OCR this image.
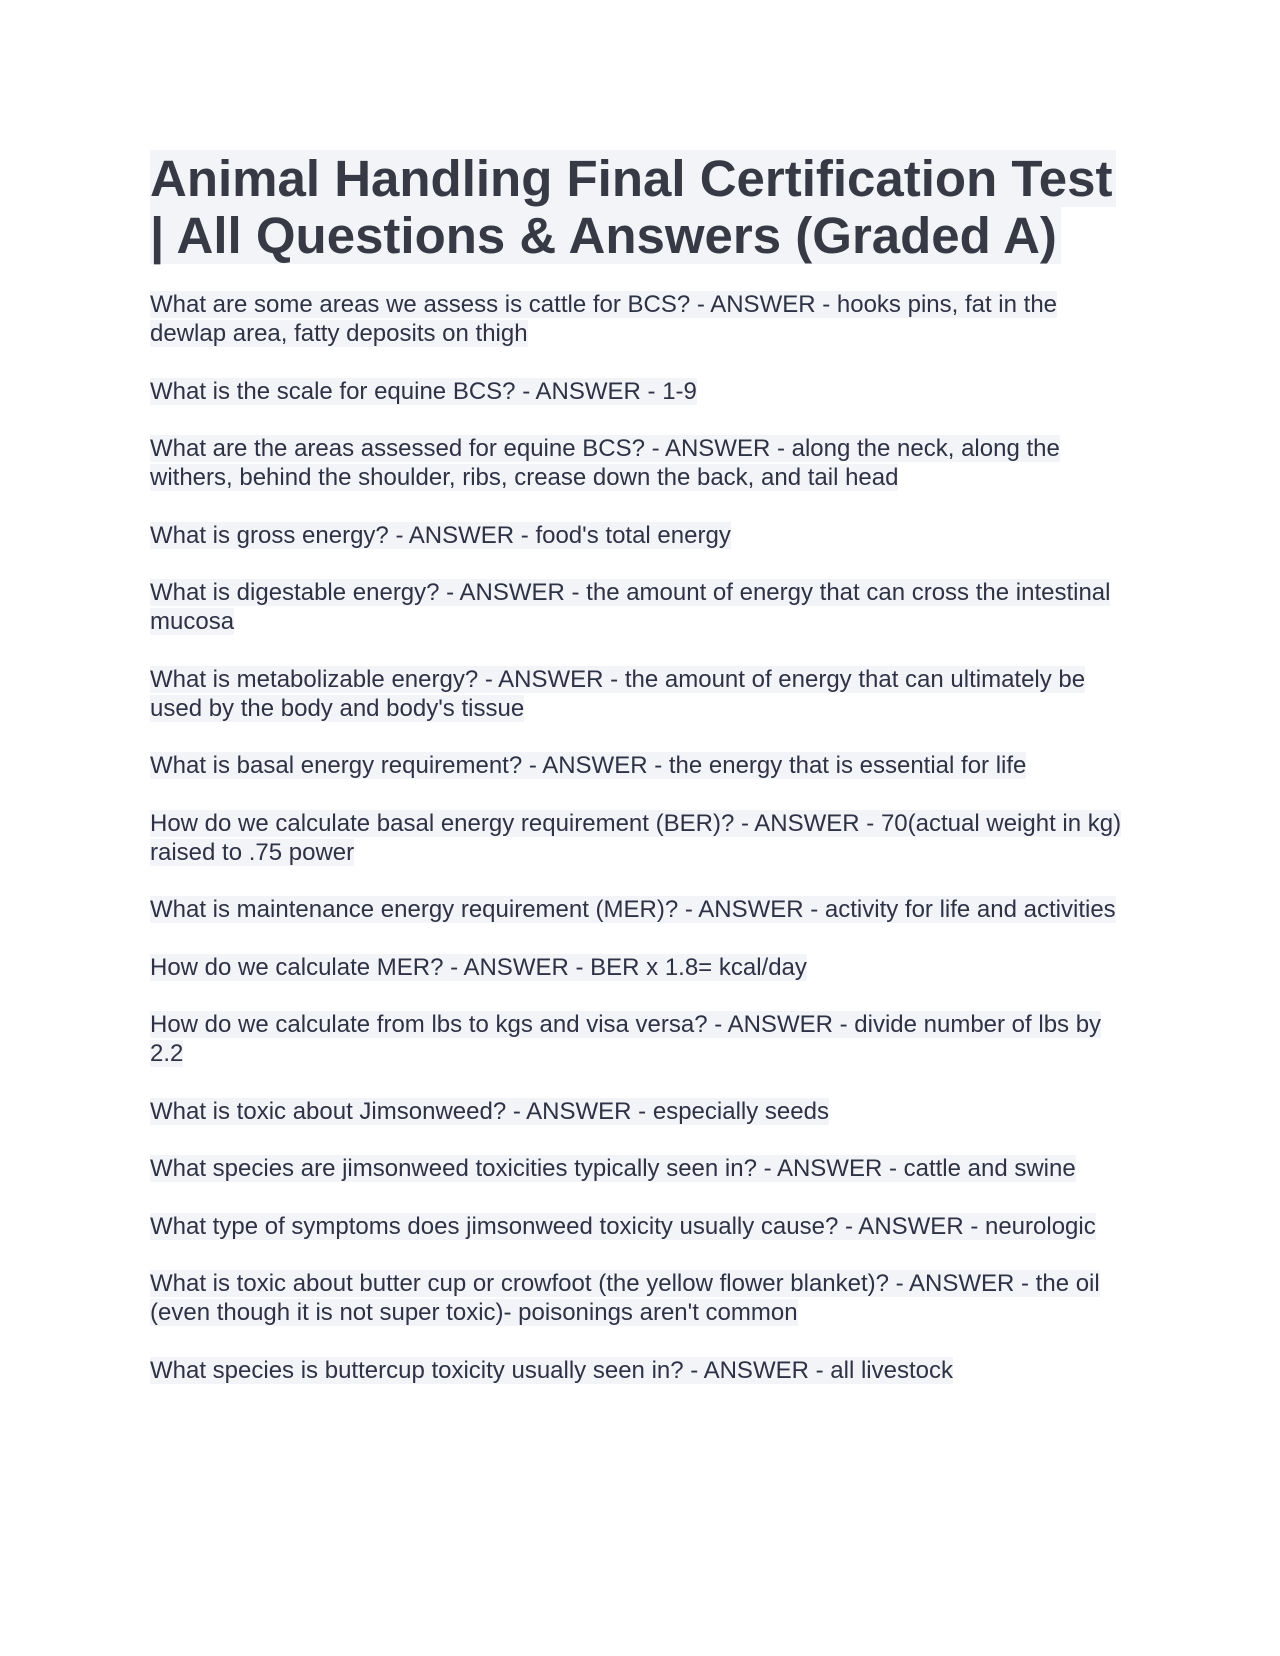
Animal Handling Final Certification Test | All Questions & Answers (Graded A)
What are some areas we assess is cattle for BCS? - ANSWER - hooks pins, fat in the dewlap area, fatty deposits on thigh
What is the scale for equine BCS? - ANSWER - 1-9
What are the areas assessed for equine BCS? - ANSWER - along the neck, along the withers, behind the shoulder, ribs, crease down the back, and tail head
What is gross energy? - ANSWER - food's total energy
What is digestable energy? - ANSWER - the amount of energy that can cross the intestinal mucosa
What is metabolizable energy? - ANSWER - the amount of energy that can ultimately be used by the body and body's tissue
What is basal energy requirement? - ANSWER - the energy that is essential for life
How do we calculate basal energy requirement (BER)? - ANSWER - 70(actual weight in kg) raised to .75 power
What is maintenance energy requirement (MER)? - ANSWER - activity for life and activities
How do we calculate MER? - ANSWER - BER x 1.8= kcal/day
How do we calculate from lbs to kgs and visa versa? - ANSWER - divide number of lbs by 2.2
What is toxic about Jimsonweed? - ANSWER - especially seeds
What species are jimsonweed toxicities typically seen in? - ANSWER - cattle and swine
What type of symptoms does jimsonweed toxicity usually cause? - ANSWER - neurologic
What is toxic about butter cup or crowfoot (the yellow flower blanket)? - ANSWER - the oil (even though it is not super toxic)- poisonings aren't common
What species is buttercup toxicity usually seen in? - ANSWER - all livestock
